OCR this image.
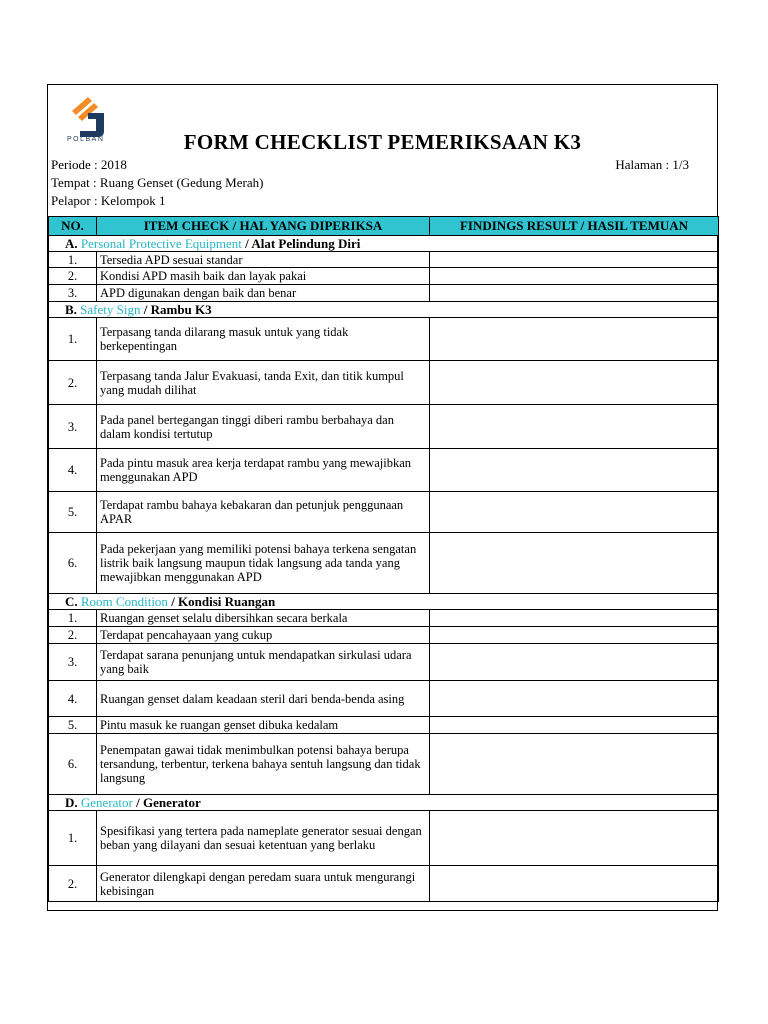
POLBAN	FORM CHECKLIST PEMERIKSAAN K3
Periode : 2018	Halaman : 1/3
Tempat : Ruang Genset (Gedung Merah)
Pelapor : Kelompok 1
NO.	ITEM CHECK / HAL YANG DIPERIKSA	FINDINGS RESULT / HASIL TEMUAN
A. Personal Protective Equipment / Alat Pelindung Diri		
1.	Tersedia APD sesuai standar	
2.	Kondisi APD masih baik dan layak pakai	
3.	APD digunakan dengan baik dan benar	
B. Safety Sign / Rambu K3		
1.	Terpasang tanda dilarang masuk untuk yang tidak berkepentingan	
2.	Terpasang tanda Jalur Evakuasi, tanda Exit, dan titik kumpul yang mudah dilihat	
3.	Pada panel bertegangan tinggi diberi rambu berbahaya dan dalam kondisi tertutup	
4.	Pada pintu masuk area kerja terdapat rambu yang mewajibkan menggunakan APD	
5.	Terdapat rambu bahaya kebakaran dan petunjuk penggunaan APAR	
6.	Pada pekerjaan yang memiliki potensi bahaya terkena sengatan listrik baik langsung maupun tidak langsung ada tanda yang mewajibkan menggunakan APD	
C. Room Condition / Kondisi Ruangan		
1.	Ruangan genset selalu dibersihkan secara berkala	
2.	Terdapat pencahayaan yang cukup	
3.	Terdapat sarana penunjang untuk mendapatkan sirkulasi udara yang baik	
4.	Ruangan genset dalam keadaan steril dari benda-benda asing	
5.	Pintu masuk ke ruangan genset dibuka kedalam	
6.	Penempatan gawai tidak menimbulkan potensi bahaya berupa tersandung, terbentur, terkena bahaya sentuh langsung dan tidak langsung	
D. Generator / Generator		
1.	Spesifikasi yang tertera pada nameplate generator sesuai dengan beban yang dilayani dan sesuai ketentuan yang berlaku	
2.	Generator dilengkapi dengan peredam suara untuk mengurangi kebisingan	
